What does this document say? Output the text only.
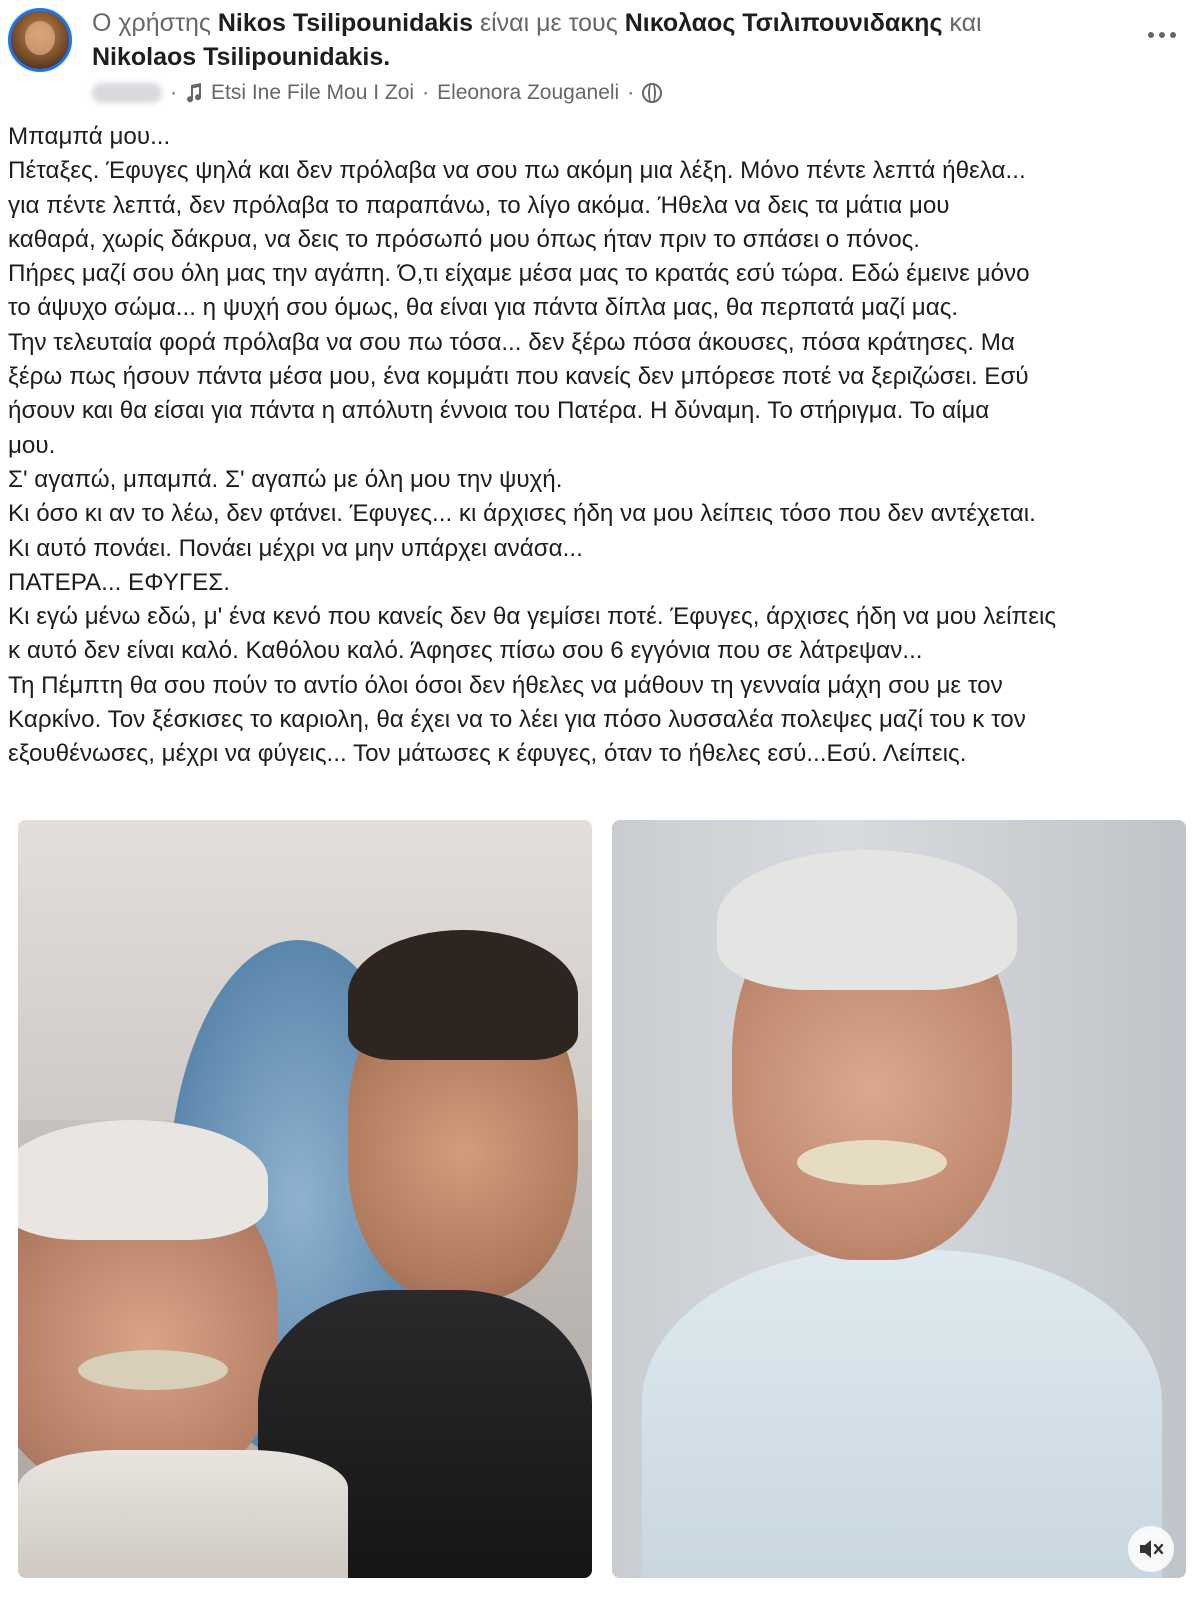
Ο χρήστης Nikos Tsilipounidakis είναι με τους Νικολαος Τσιλιπουνιδακης και
Nikolaos Tsilipounidakis.
· Etsi Ine File Mou I Zoi · Eleonora Zouganeli ·
Μπαμπά μου...
Πέταξες. Έφυγες ψηλά και δεν πρόλαβα να σου πω ακόμη μια λέξη. Μόνο πέντε λεπτά ήθελα...
για πέντε λεπτά, δεν πρόλαβα το παραπάνω, το λίγο ακόμα. Ήθελα να δεις τα μάτια μου
καθαρά, χωρίς δάκρυα, να δεις το πρόσωπό μου όπως ήταν πριν το σπάσει ο πόνος.
Πήρες μαζί σου όλη μας την αγάπη. Ό,τι είχαμε μέσα μας το κρατάς εσύ τώρα. Εδώ έμεινε μόνο
το άψυχο σώμα... η ψυχή σου όμως, θα είναι για πάντα δίπλα μας, θα περπατά μαζί μας.
Την τελευταία φορά πρόλαβα να σου πω τόσα... δεν ξέρω πόσα άκουσες, πόσα κράτησες. Μα
ξέρω πως ήσουν πάντα μέσα μου, ένα κομμάτι που κανείς δεν μπόρεσε ποτέ να ξεριζώσει. Εσύ
ήσουν και θα είσαι για πάντα η απόλυτη έννοια του Πατέρα. Η δύναμη. Το στήριγμα. Το αίμα
μου.
Σ' αγαπώ, μπαμπά. Σ' αγαπώ με όλη μου την ψυχή.
Κι όσο κι αν το λέω, δεν φτάνει. Έφυγες... κι άρχισες ήδη να μου λείπεις τόσο που δεν αντέχεται.
Κι αυτό πονάει. Πονάει μέχρι να μην υπάρχει ανάσα...
ΠΑΤΕΡΑ... ΕΦΥΓΕΣ.
Κι εγώ μένω εδώ, μ' ένα κενό που κανείς δεν θα γεμίσει ποτέ. Έφυγες, άρχισες ήδη να μου λείπεις
κ αυτό δεν είναι καλό. Καθόλου καλό. Άφησες πίσω σου 6 εγγόνια που σε λάτρεψαν...
Τη Πέμπτη θα σου πούν το αντίο όλοι όσοι δεν ήθελες να μάθουν τη γενναία μάχη σου με τον
Καρκίνο. Τον ξέσκισες το καριολη, θα έχει να το λέει για πόσο λυσσαλέα πολεψες μαζί του κ τον
εξουθένωσες, μέχρι να φύγεις... Τον μάτωσες κ έφυγες, όταν το ήθελες εσύ...Εσύ. Λείπεις.
